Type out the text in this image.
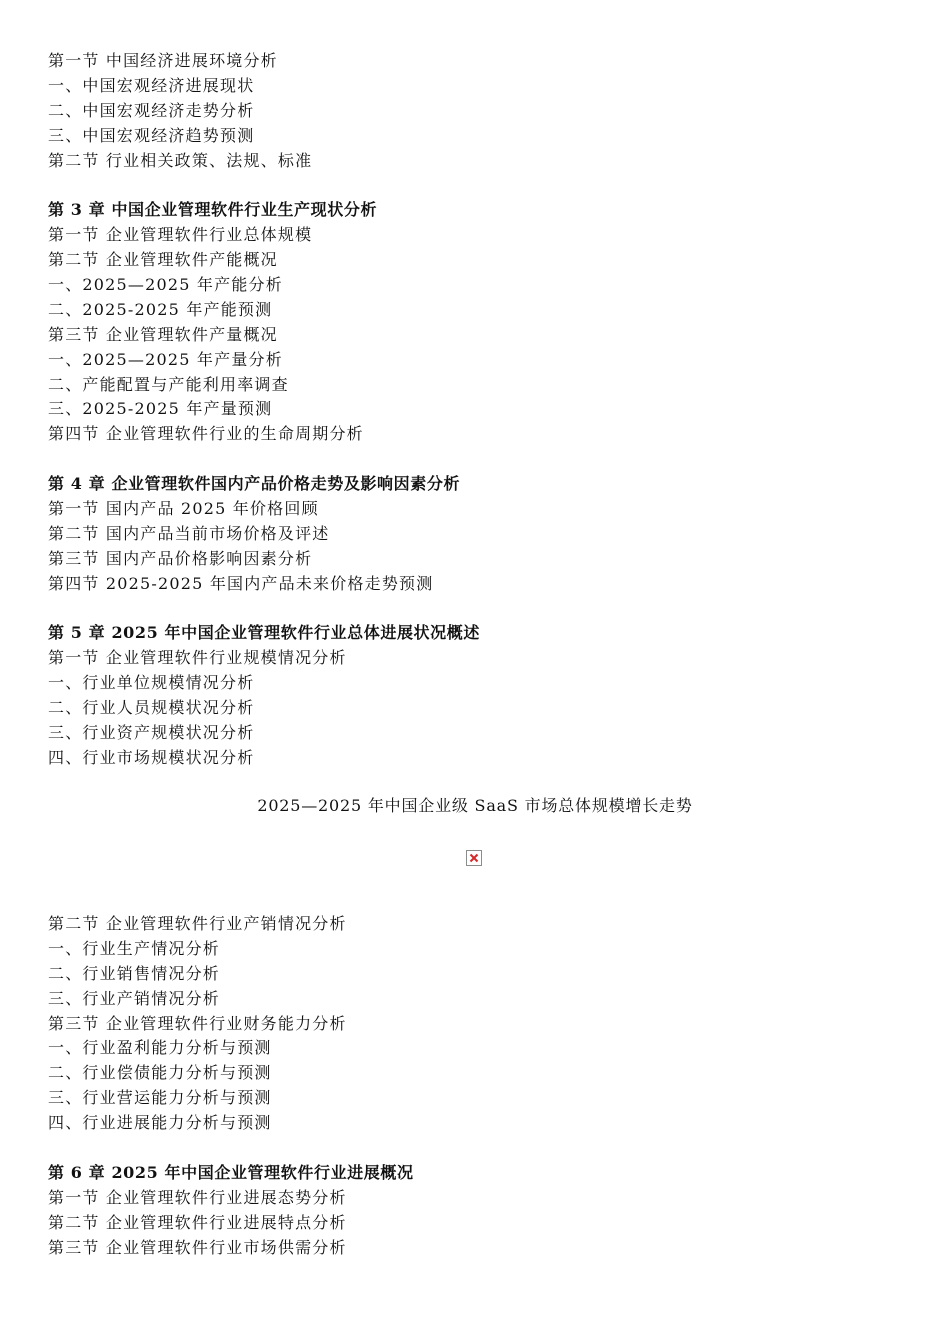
第一节 中国经济进展环境分析
一、中国宏观经济进展现状
二、中国宏观经济走势分析
三、中国宏观经济趋势预测
第二节 行业相关政策、法规、标准
第 3 章 中国企业管理软件行业生产现状分析
第一节 企业管理软件行业总体规模
第二节 企业管理软件产能概况
一、2025—2025 年产能分析
二、2025-2025 年产能预测
第三节 企业管理软件产量概况
一、2025—2025 年产量分析
二、产能配置与产能利用率调查
三、2025-2025 年产量预测
第四节 企业管理软件行业的生命周期分析
第 4 章 企业管理软件国内产品价格走势及影响因素分析
第一节 国内产品 2025 年价格回顾
第二节 国内产品当前市场价格及评述
第三节 国内产品价格影响因素分析
第四节 2025-2025 年国内产品未来价格走势预测
第 5 章 2025 年中国企业管理软件行业总体进展状况概述
第一节 企业管理软件行业规模情况分析
一、行业单位规模情况分析
二、行业人员规模状况分析
三、行业资产规模状况分析
四、行业市场规模状况分析
2025—2025 年中国企业级 SaaS 市场总体规模增长走势
第二节 企业管理软件行业产销情况分析
一、行业生产情况分析
二、行业销售情况分析
三、行业产销情况分析
第三节 企业管理软件行业财务能力分析
一、行业盈利能力分析与预测
二、行业偿债能力分析与预测
三、行业营运能力分析与预测
四、行业进展能力分析与预测
第 6 章 2025 年中国企业管理软件行业进展概况
第一节 企业管理软件行业进展态势分析
第二节 企业管理软件行业进展特点分析
第三节 企业管理软件行业市场供需分析
